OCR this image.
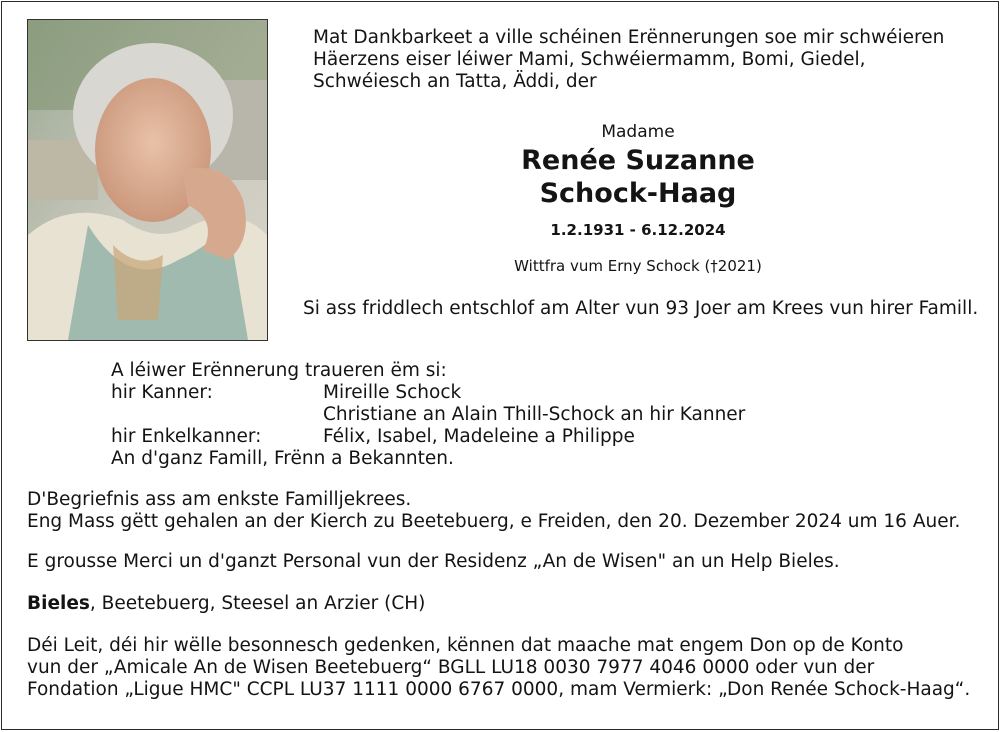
Mat Dankbarkeet a ville schéinen Erënnerungen soe mir schwéieren
Häerzens eiser léiwer Mami, Schwéiermamm, Bomi, Giedel,
Schwéiesch an Tatta, Äddi, der
Madame
Renée Suzanne
Schock-Haag
1.2.1931 - 6.12.2024
Wittfra vum Erny Schock (†2021)
Si ass friddlech entschlof am Alter vun 93 Joer am Krees vun hirer Famill.
A léiwer Erënnerung traueren ëm si:
hir Kanner:	Mireille Schock
Christiane an Alain Thill-Schock an hir Kanner
hir Enkelkanner:	Félix, Isabel, Madeleine a Philippe
An d'ganz Famill, Frënn a Bekannten.
D'Begriefnis ass am enkste Familljekrees.
Eng Mass gëtt gehalen an der Kierch zu Beetebuerg, e Freiden, den 20. Dezember 2024 um 16 Auer.
E grousse Merci un d'ganzt Personal vun der Residenz „An de Wisen" an un Help Bieles.
Bieles, Beetebuerg, Steesel an Arzier (CH)
Déi Leit, déi hir wëlle besonnesch gedenken, kënnen dat maache mat engem Don op de Konto
vun der „Amicale An de Wisen Beetebuerg“ BGLL LU18 0030 7977 4046 0000 oder vun der
Fondation „Ligue HMC" CCPL LU37 1111 0000 6767 0000, mam Vermierk: „Don Renée Schock-Haag“.
